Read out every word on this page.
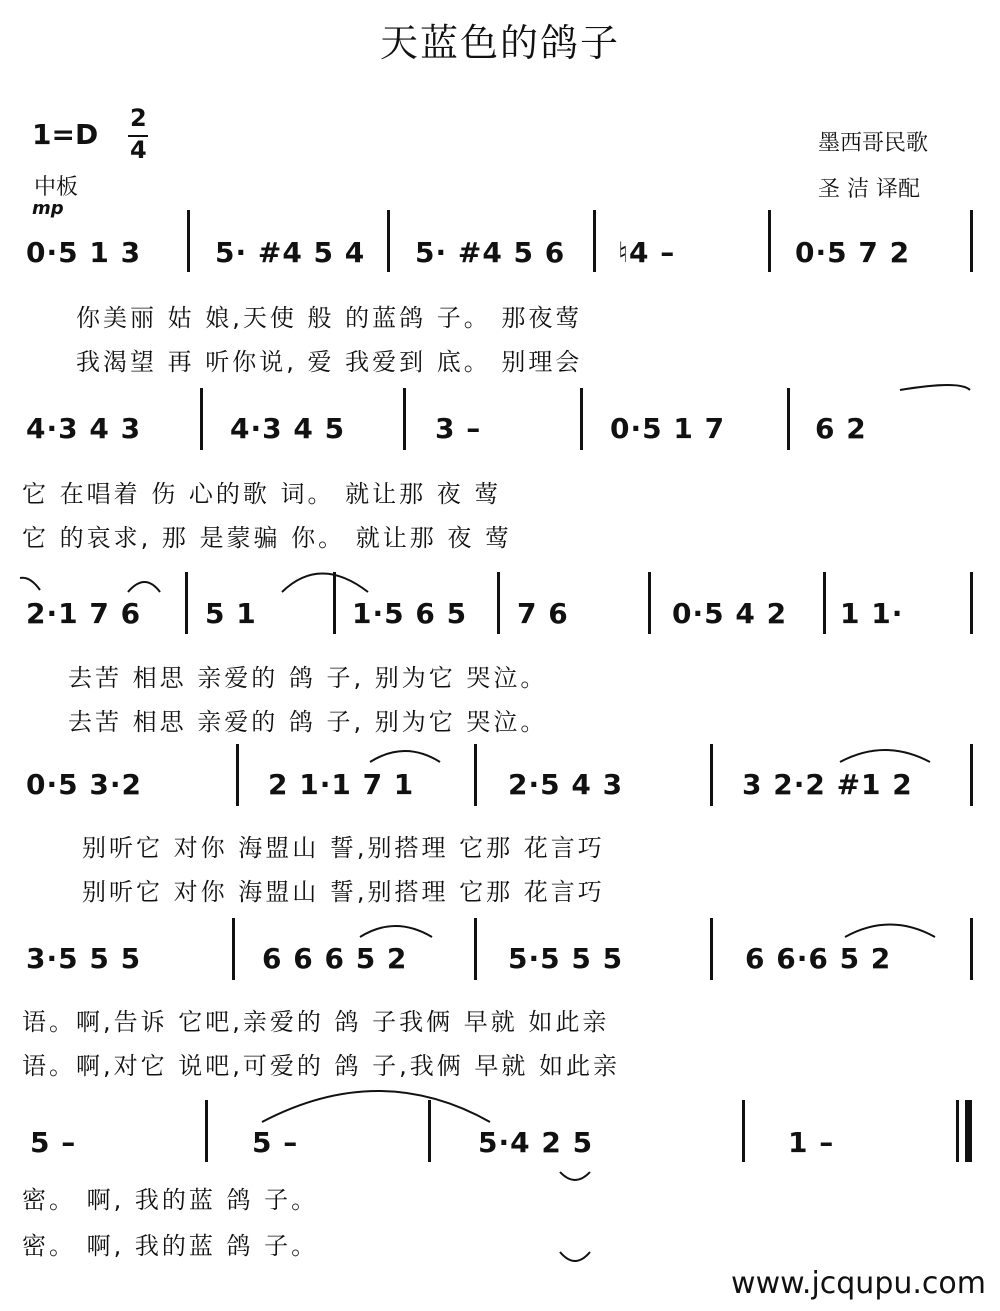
天蓝色的鸽子
1=D 2
4
中板
mp
墨西哥民歌
圣 洁 译配
0·5 1 3	5· #4 5 4 5· #4 5 6 ♮4 –	0·5 7 2
你美丽 姑 娘,天使 般 的蓝鸽 子。 那夜莺
我渴望 再 听你说, 爱 我爱到 底。 别理会
4·3 4 3	4·3 4 5	3 –	0·5 1 7	6 2
它 在唱着 伤 心的歌 词。 就让那 夜 莺
它 的哀求, 那 是蒙骗 你。 就让那 夜 莺
2·1 7 6 5 1	1·5 6 5 7 6	0·5 4 2 1 1·
去苦 相思 亲爱的 鸽 子, 别为它 哭泣。
去苦 相思 亲爱的 鸽 子, 别为它 哭泣。
0·5 3·2	2 1·1 7 1	2·5 4 3	3 2·2 #1 2
别听它 对你 海盟山 誓,别搭理 它那 花言巧
别听它 对你 海盟山 誓,别搭理 它那 花言巧
3·5 5 5	6 6 6 5 2	5·5 5 5	6 6·6 5 2
语。啊,告诉 它吧,亲爱的 鸽 子我俩 早就 如此亲
语。啊,对它 说吧,可爱的 鸽 子,我俩 早就 如此亲
5 –	5 –	5·4 2 5	1 –
密。 啊, 我的蓝 鸽 子。
密。 啊, 我的蓝 鸽 子。
www.jcqupu.com
